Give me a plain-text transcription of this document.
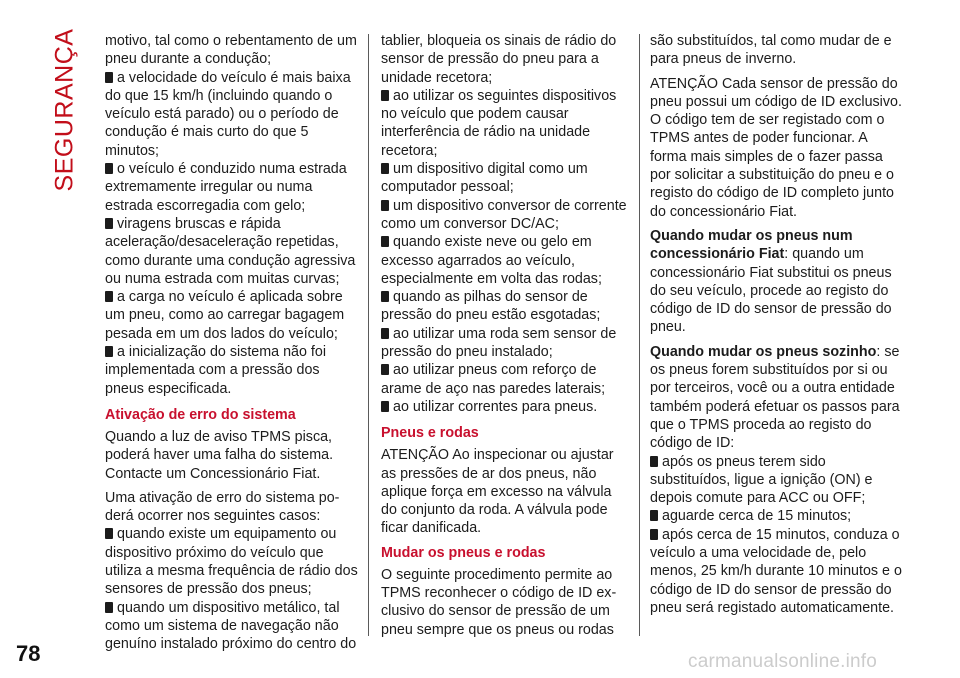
SEGURANÇA motivo, tal como o rebentamento de um pneu durante a condução;

a velocidade do veículo é mais baixa do que 15 km/h (incluindo quando o veículo está parado) ou o período de condução é mais curto do que 5 minutos;

o veículo é conduzido numa estrada extremamente irregular ou numa estrada escorregadia com gelo;

viragens bruscas e rápida aceleração/desaceleração repetidas, como durante uma condução agressiva ou numa estrada com muitas curvas;

a carga no veículo é aplicada sobre um pneu, como ao carregar bagagem pesada em um dos lados do veículo;

a inicialização do sistema não foi implementada com a pressão dos pneus especificada.

Ativação de erro do sistema

Quando a luz de aviso TPMS pisca, poderá haver uma falha do sistema. Contacte um Concessionário Fiat.

Uma ativação de erro do sistema poderá ocorrer nos seguintes casos:

quando existe um equipamento ou dispositivo próximo do veículo que utiliza a mesma frequência de rádio dos sensores de pressão dos pneus;

quando um dispositivo metálico, tal como um sistema de navegação não genuíno instalado próximo do centro do

tablier, bloqueia os sinais de rádio do sensor de pressão do pneu para a unidade recetora;

ao utilizar os seguintes dispositivos no veículo que podem causar interferência de rádio na unidade recetora;

um dispositivo digital como um computador pessoal;

um dispositivo conversor de corrente como um conversor DC/AC;

quando existe neve ou gelo em excesso agarrados ao veículo, especialmente em volta das rodas;

quando as pilhas do sensor de pressão do pneu estão esgotadas;

ao utilizar uma roda sem sensor de pressão do pneu instalado;

ao utilizar pneus com reforço de arame de aço nas paredes laterais;

ao utilizar correntes para pneus.

Pneus e rodas

ATENÇÃO Ao inspecionar ou ajustar as pressões de ar dos pneus, não aplique força em excesso na válvula do conjunto da roda. A válvula pode ficar danificada.

Mudar os pneus e rodas

O seguinte procedimento permite ao TPMS reconhecer o código de ID exclusivo do sensor de pressão de um pneu sempre que os pneus ou rodas

são substituídos, tal como mudar de e para pneus de inverno.

ATENÇÃO Cada sensor de pressão do pneu possui um código de ID exclusivo. O código tem de ser registado com o TPMS antes de poder funcionar. A forma mais simples de o fazer passa por solicitar a substituição do pneu e o registo do código de ID completo junto do concessionário Fiat.

Quando mudar os pneus num concessionário Fiat: quando um concessionário Fiat substitui os pneus do seu veículo, procede ao registo do código de ID do sensor de pressão do pneu.

Quando mudar os pneus sozinho: se os pneus forem substituídos por si ou por terceiros, você ou a outra entidade também poderá efetuar os passos para que o TPMS proceda ao registo do código de ID:

após os pneus terem sido substituídos, ligue a ignição (ON) e depois comute para ACC ou OFF;

aguarde cerca de 15 minutos;

após cerca de 15 minutos, conduza o veículo a uma velocidade de, pelo menos, 25 km/h durante 10 minutos e o código de ID do sensor de pressão do pneu será registado automaticamente.

78	carmanualsonline.info
